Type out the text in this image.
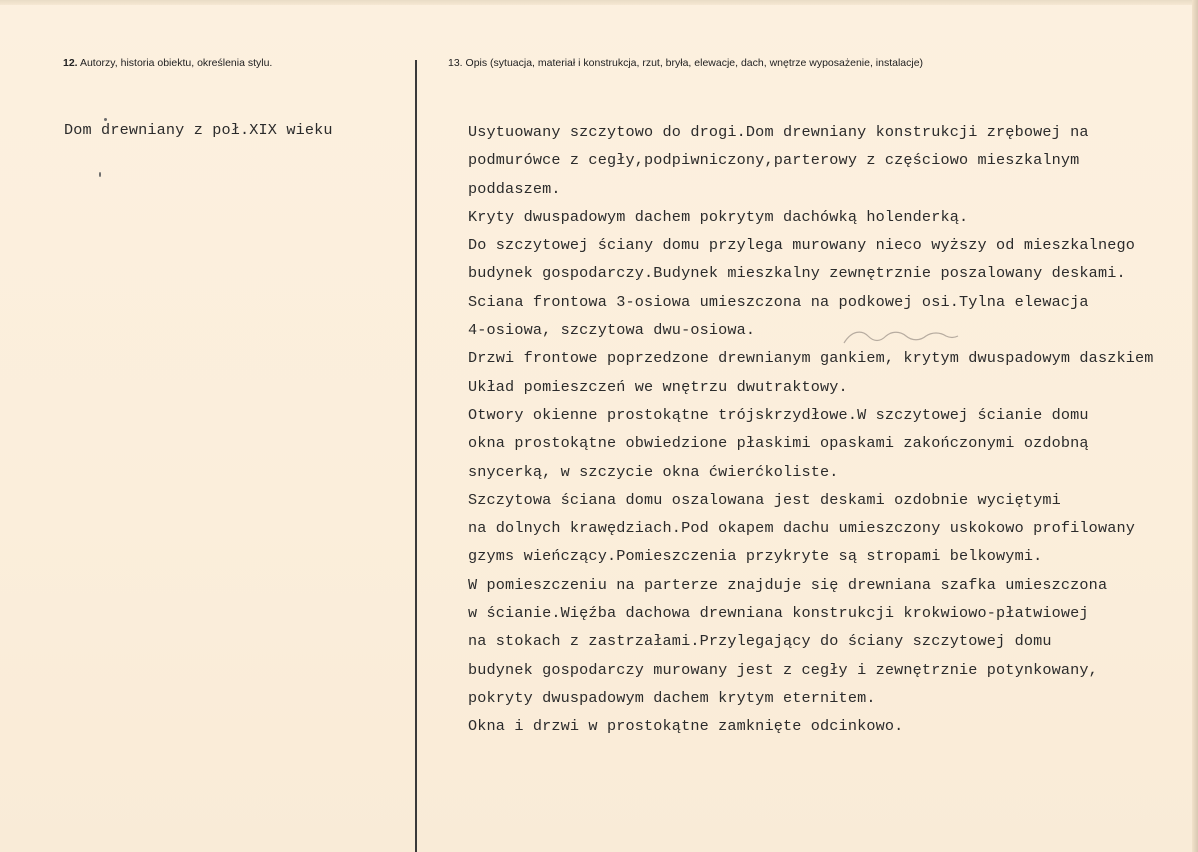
12. Autorzy, historia obiektu, określenia stylu.	13. Opis (sytuacja, materiał i konstrukcja, rzut, bryła, elewacje, dach, wnętrze wyposażenie, instalacje)
Dom drewniany z poł.XIX wieku	Usytuowany szczytowo do drogi.Dom drewniany konstrukcji zrębowej na
podmurówce z cegły,podpiwniczony,parterowy z częściowo mieszkalnym
poddaszem.
Kryty dwuspadowym dachem pokrytym dachówką holenderką.
Do szczytowej ściany domu przylega murowany nieco wyższy od mieszkalnego
budynek gospodarczy.Budynek mieszkalny zewnętrznie poszalowany deskami.
Sciana frontowa 3-osiowa umieszczona na podkowej osi.Tylna elewacja
4-osiowa, szczytowa dwu-osiowa.
Drzwi frontowe poprzedzone drewnianym gankiem, krytym dwuspadowym daszkiem
Układ pomieszczeń we wnętrzu dwutraktowy.
Otwory okienne prostokątne trójskrzydłowe.W szczytowej ścianie domu
okna prostokątne obwiedzione płaskimi opaskami zakończonymi ozdobną
snycerką, w szczycie okna ćwierćkoliste.
Szczytowa ściana domu oszalowana jest deskami ozdobnie wyciętymi
na dolnych krawędziach.Pod okapem dachu umieszczony uskokowo profilowany
gzyms wieńczący.Pomieszczenia przykryte są stropami belkowymi.
W pomieszczeniu na parterze znajduje się drewniana szafka umieszczona
w ścianie.Więźba dachowa drewniana konstrukcji krokwiowo-płatwiowej
na stokach z zastrzałami.Przylegający do ściany szczytowej domu
budynek gospodarczy murowany jest z cegły i zewnętrznie potynkowany,
pokryty dwuspadowym dachem krytym eternitem.
Okna i drzwi w prostokątne zamknięte odcinkowo.
